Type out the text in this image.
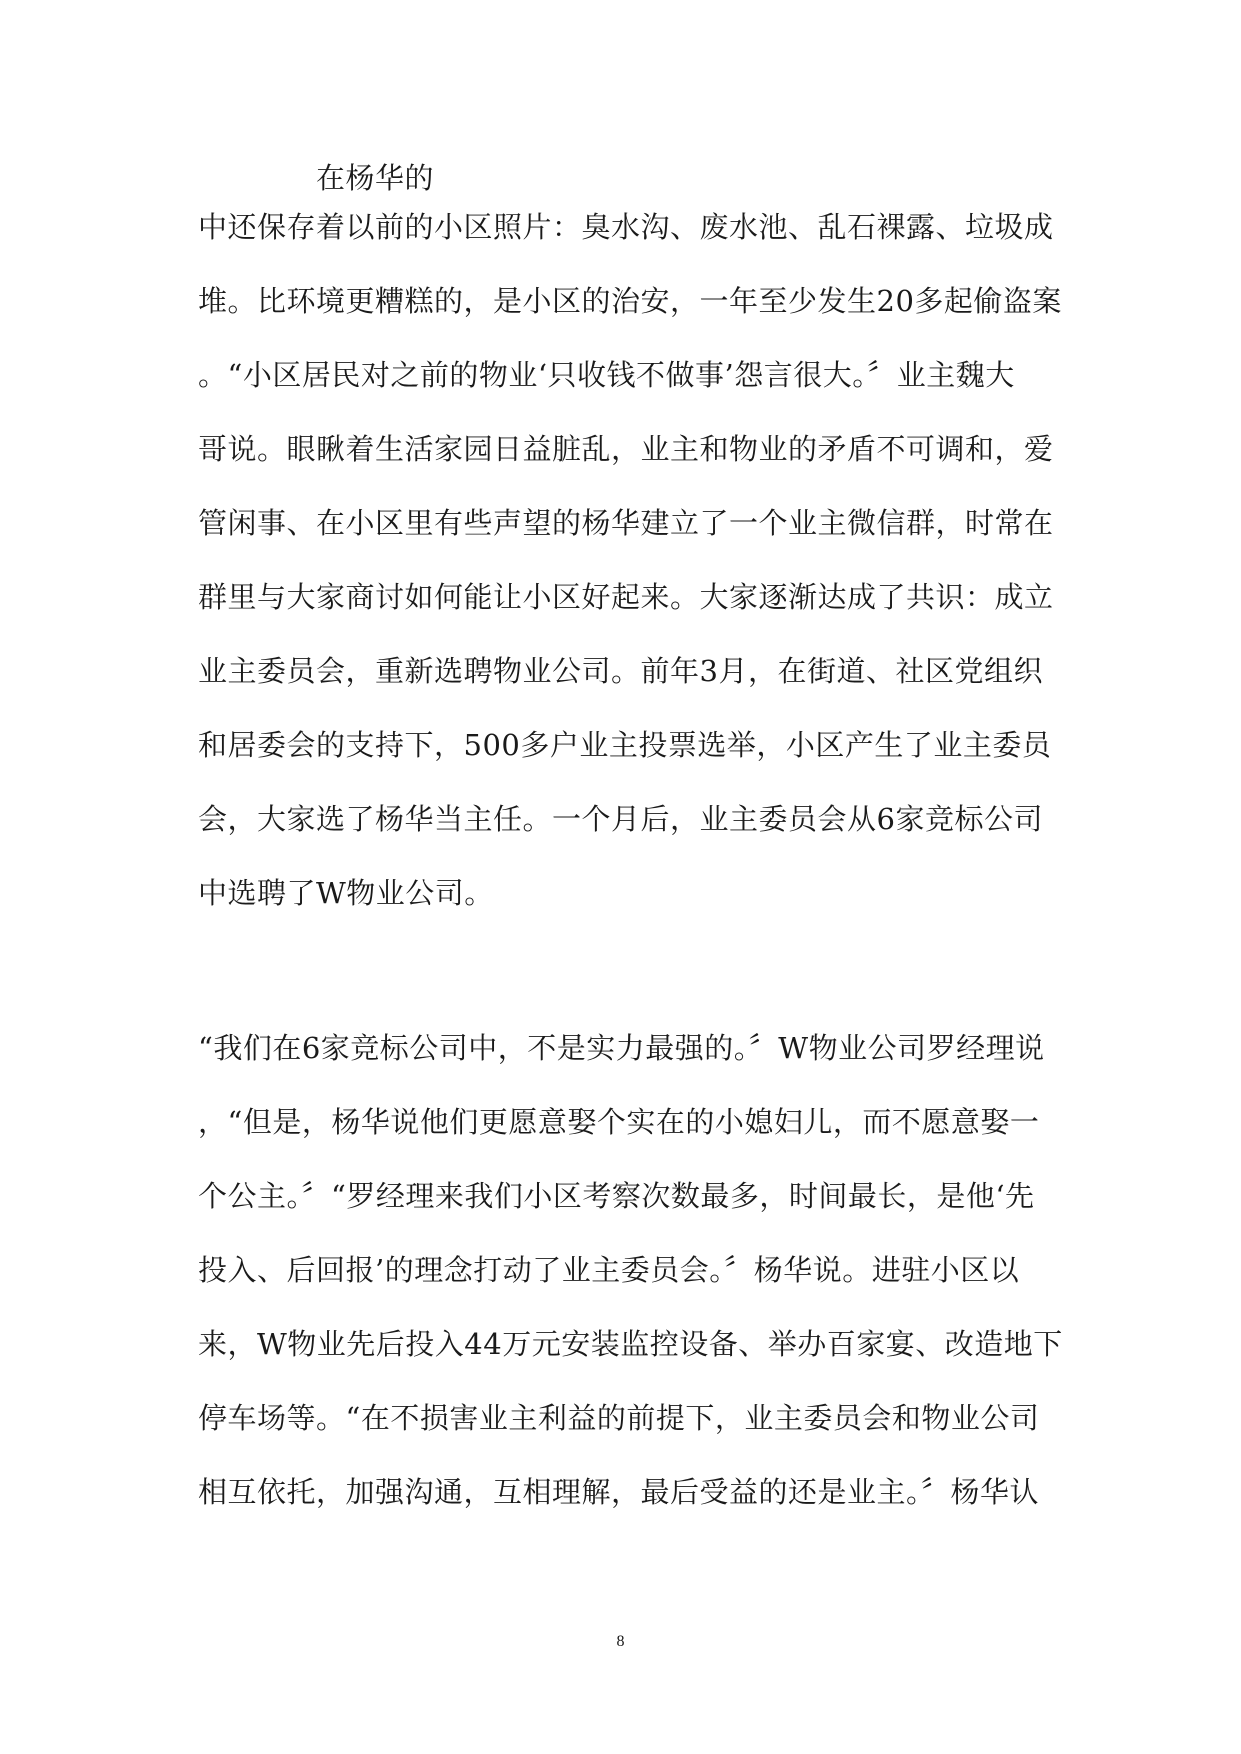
在杨华的
中还保存着以前的小区照片：臭水沟、废水池、乱石裸露、垃圾成
堆。比环境更糟糕的，是小区的治安，一年至少发生20多起偷盗案
。“小区居民对之前的物业‘只收钱不做事’怨言很大。〞业主魏大
哥说。眼瞅着生活家园日益脏乱，业主和物业的矛盾不可调和，爱
管闲事、在小区里有些声望的杨华建立了一个业主微信群，时常在
群里与大家商讨如何能让小区好起来。大家逐渐达成了共识：成立
业主委员会，重新选聘物业公司。前年3月，在街道、社区党组织
和居委会的支持下，500多户业主投票选举，小区产生了业主委员
会，大家选了杨华当主任。一个月后，业主委员会从6家竞标公司
中选聘了W物业公司。
“我们在6家竞标公司中，不是实力最强的。〞W物业公司罗经理说
，“但是，杨华说他们更愿意娶个实在的小媳妇儿，而不愿意娶一
个公主。〞“罗经理来我们小区考察次数最多，时间最长，是他‘先
投入、后回报’的理念打动了业主委员会。〞杨华说。进驻小区以
来，W物业先后投入44万元安装监控设备、举办百家宴、改造地下
停车场等。“在不损害业主利益的前提下，业主委员会和物业公司
相互依托，加强沟通，互相理解，最后受益的还是业主。〞杨华认
8
